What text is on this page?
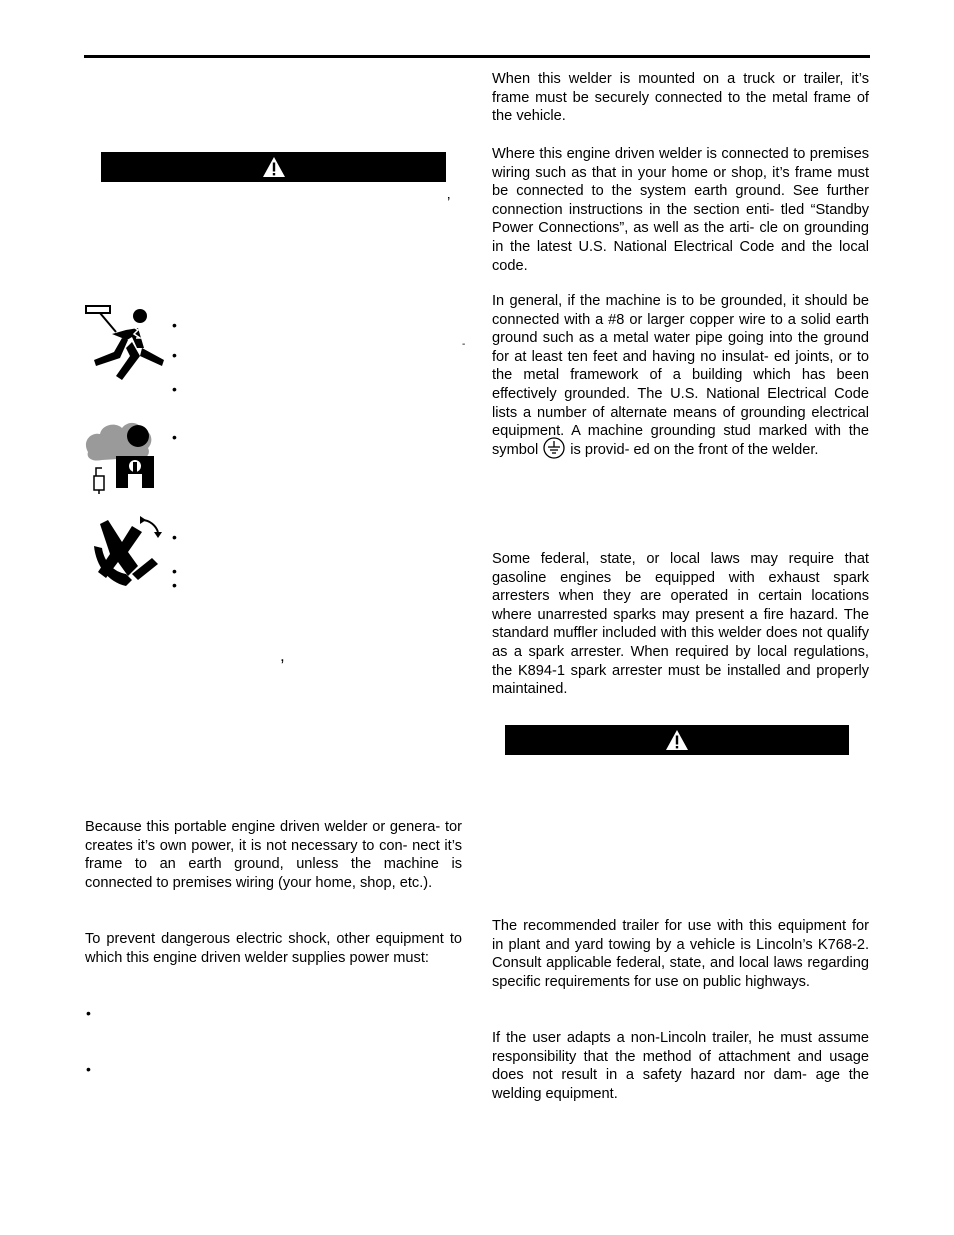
’
•
•
•
-
•
•
•
•
,

Because this portable engine driven welder or genera- tor creates it’s own power, it is not necessary to con- nect it’s frame to an earth ground, unless the machine is connected to premises wiring (your home, shop, etc.).

To prevent dangerous electric shock, other equipment to which this engine driven welder supplies power must:

•
•

When this welder is mounted on a truck or trailer, it’s frame must be securely connected to the metal frame of the vehicle.

Where this engine driven welder is connected to premises wiring such as that in your home or shop, it’s frame must be connected to the system earth ground. See further connection instructions in the section enti- tled “Standby Power Connections”, as well as the arti- cle on grounding in the latest U.S. National Electrical Code and the local code.

In general, if the machine is to be grounded, it should be connected with a #8 or larger copper wire to a solid earth ground such as a metal water pipe going into the ground for at least ten feet and having no insulat- ed joints, or to the metal framework of a building which has been effectively grounded. The U.S. National Electrical Code lists a number of alternate means of grounding electrical equipment. A machine grounding stud marked with the symbol is provid- ed on the front of the welder.

Some federal, state, or local laws may require that gasoline engines be equipped with exhaust spark arresters when they are operated in certain locations where unarrested sparks may present a fire hazard. The standard muffler included with this welder does not qualify as a spark arrester. When required by local regulations, the K894-1 spark arrester must be installed and properly maintained.

The recommended trailer for use with this equipment for in plant and yard towing by a vehicle is Lincoln’s K768-2. Consult applicable federal, state, and local laws regarding specific requirements for use on public highways.

If the user adapts a non-Lincoln trailer, he must assume responsibility that the method of attachment and usage does not result in a safety hazard nor dam- age the welding equipment.
